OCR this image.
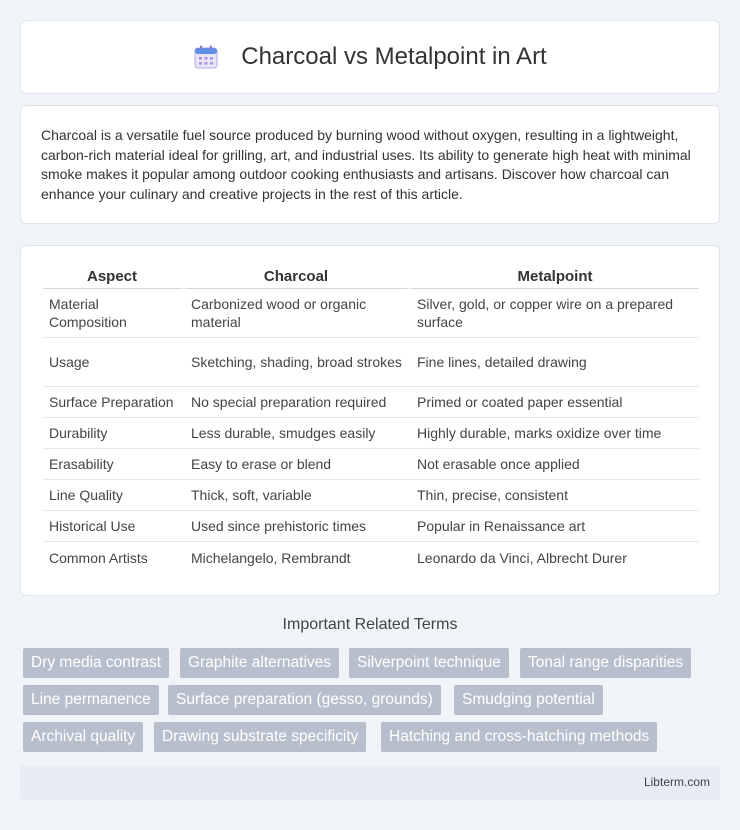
Charcoal vs Metalpoint in Art

Charcoal is a versatile fuel source produced by burning wood without oxygen, resulting in a lightweight, carbon-rich material ideal for grilling, art, and industrial uses. Its ability to generate high heat with minimal smoke makes it popular among outdoor cooking enthusiasts and artisans. Discover how charcoal can enhance your culinary and creative projects in the rest of this article.

Aspect	Charcoal	Metalpoint
Material Composition	Carbonized wood or organic material	Silver, gold, or copper wire on a prepared surface
Usage	Sketching, shading, broad strokes	Fine lines, detailed drawing
Surface Preparation	No special preparation required	Primed or coated paper essential
Durability	Less durable, smudges easily	Highly durable, marks oxidize over time
Erasability	Easy to erase or blend	Not erasable once applied
Line Quality	Thick, soft, variable	Thin, precise, consistent
Historical Use	Used since prehistoric times	Popular in Renaissance art
Common Artists	Michelangelo, Rembrandt	Leonardo da Vinci, Albrecht Durer
Important Related Terms
Dry media contrast	Graphite alternatives	Silverpoint technique	Tonal range disparities
Line permanence	Surface preparation (gesso, grounds)	Smudging potential
Archival quality	Drawing substrate specificity	Hatching and cross-hatching methods
Libterm.com
